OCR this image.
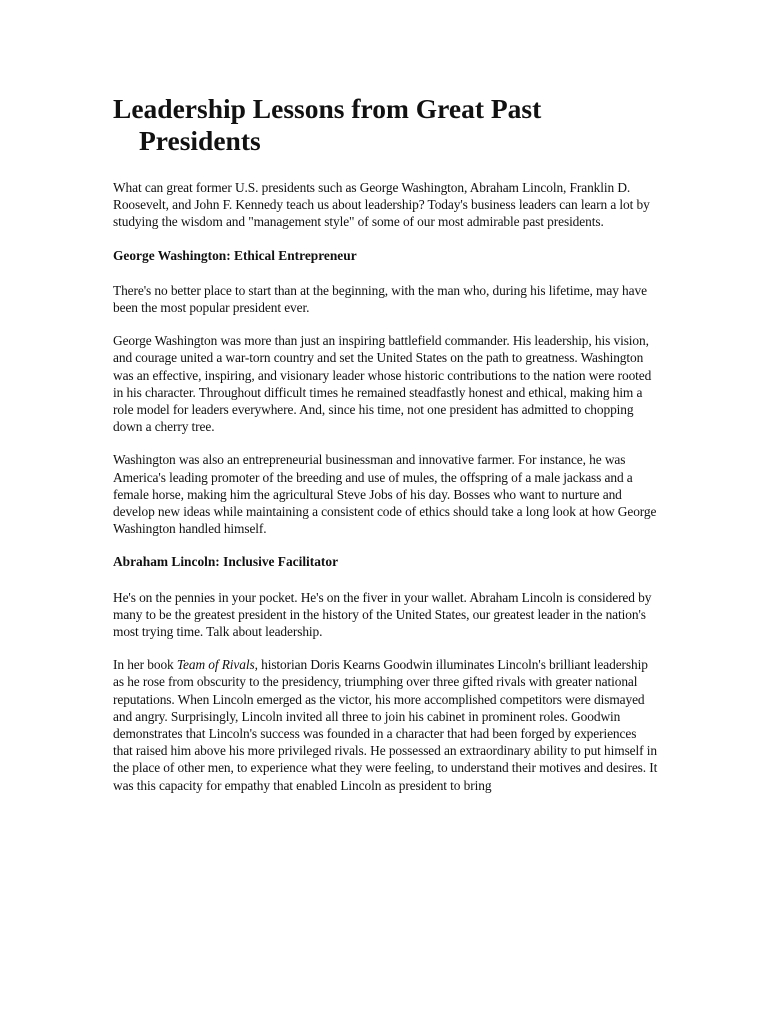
Leadership Lessons from Great Past Presidents

What can great former U.S. presidents such as George Washington, Abraham Lincoln, Franklin D. Roosevelt, and John F. Kennedy teach us about leadership? Today's business leaders can learn a lot by studying the wisdom and "management style" of some of our most admirable past presidents.

George Washington: Ethical Entrepreneur

There's no better place to start than at the beginning, with the man who, during his lifetime, may have been the most popular president ever.

George Washington was more than just an inspiring battlefield commander. His leadership, his vision, and courage united a war-torn country and set the United States on the path to greatness. Washington was an effective, inspiring, and visionary leader whose historic contributions to the nation were rooted in his character. Throughout difficult times he remained steadfastly honest and ethical, making him a role model for leaders everywhere. And, since his time, not one president has admitted to chopping down a cherry tree.

Washington was also an entrepreneurial businessman and innovative farmer. For instance, he was America's leading promoter of the breeding and use of mules, the offspring of a male jackass and a female horse, making him the agricultural Steve Jobs of his day. Bosses who want to nurture and develop new ideas while maintaining a consistent code of ethics should take a long look at how George Washington handled himself.

Abraham Lincoln: Inclusive Facilitator

He's on the pennies in your pocket. He's on the fiver in your wallet. Abraham Lincoln is considered by many to be the greatest president in the history of the United States, our greatest leader in the nation's most trying time. Talk about leadership.

In her book Team of Rivals, historian Doris Kearns Goodwin illuminates Lincoln's brilliant leadership as he rose from obscurity to the presidency, triumphing over three gifted rivals with greater national reputations. When Lincoln emerged as the victor, his more accomplished competitors were dismayed and angry. Surprisingly, Lincoln invited all three to join his cabinet in prominent roles. Goodwin demonstrates that Lincoln's success was founded in a character that had been forged by experiences that raised him above his more privileged rivals. He possessed an extraordinary ability to put himself in the place of other men, to experience what they were feeling, to understand their motives and desires. It was this capacity for empathy that enabled Lincoln as president to bring
